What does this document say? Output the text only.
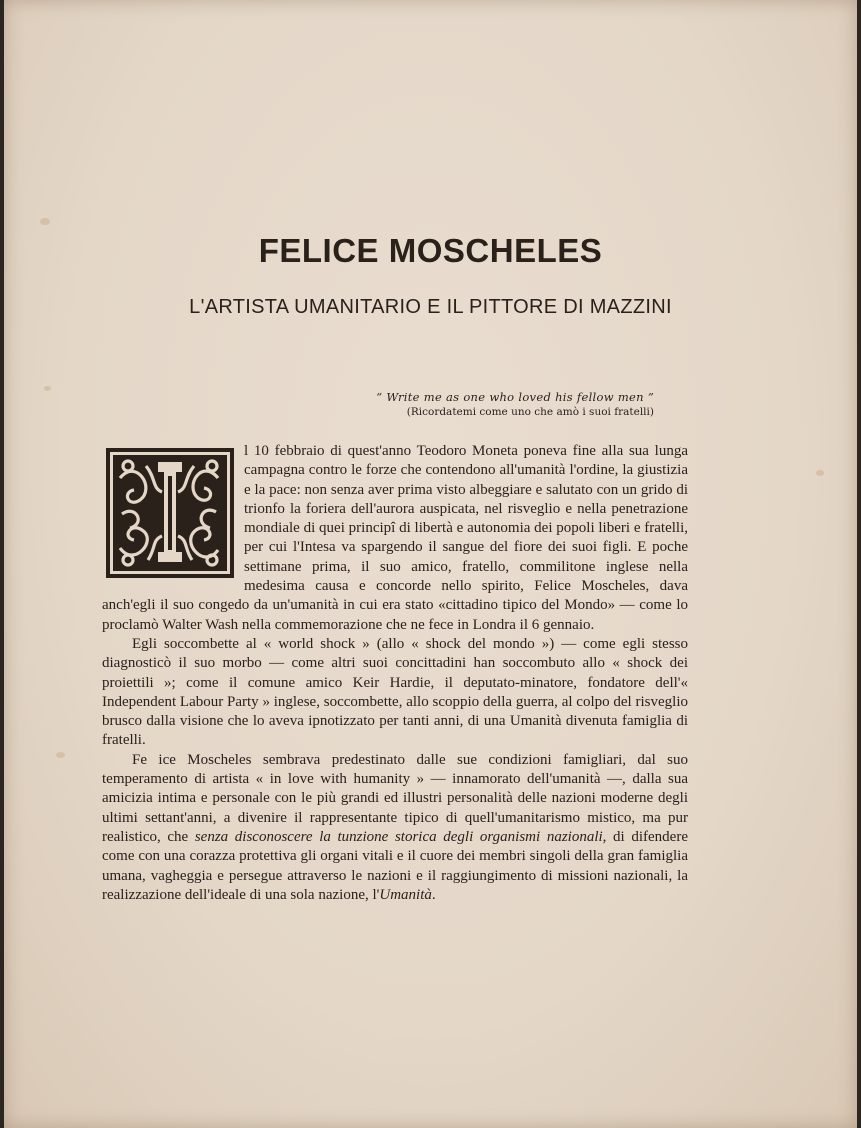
FELICE MOSCHELES
L'ARTISTA UMANITARIO E IL PITTORE DI MAZZINI
“ Write me as one who loved his fellow men ”
(Ricordatemi come uno che amò i suoi fratelli)

l 10 febbraio di quest'anno Teodoro Moneta poneva fine alla sua lunga campagna contro le forze che contendono all'umanità l'ordine, la giustizia e la pace: non senza aver prima visto albeggiare e salutato con un grido di trionfo la foriera dell'aurora auspicata, nel risveglio e nella penetrazione mondiale di quei principî di libertà e autonomia dei popoli liberi e fratelli, per cui l'Intesa va spargendo il sangue del fiore dei suoi figli. E poche settimane prima, il suo amico, fratello, commilitone inglese nella medesima causa e concorde nello spirito, Felice Moscheles, dava anch'egli il suo congedo da un'umanità in cui era stato «cittadino tipico del Mondo» — come lo proclamò Walter Wash nella commemorazione che ne fece in Londra il 6 gennaio.

Egli soccombette al « world shock » (allo « shock del mondo ») — come egli stesso diagnosticò il suo morbo — come altri suoi concittadini han soccombuto allo « shock dei proiettili »; come il comune amico Keir Hardie, il deputato-minatore, fondatore dell'« Independent Labour Party » inglese, soccombette, allo scoppio della guerra, al colpo del risveglio brusco dalla visione che lo aveva ipnotizzato per tanti anni, di una Umanità divenuta famiglia di fratelli.

Fe ice Moscheles sembrava predestinato dalle sue condizioni famigliari, dal suo temperamento di artista « in love with humanity » — innamorato dell'umanità —, dalla sua amicizia intima e personale con le più grandi ed illustri personalità delle nazioni moderne degli ultimi settant'anni, a divenire il rappresentante tipico di quell'umanitarismo mistico, ma pur realistico, che senza disconoscere la tunzione storica degli organismi nazionali, di difendere come con una corazza protettiva gli organi vitali e il cuore dei membri singoli della gran famiglia umana, vagheggia e persegue attraverso le nazioni e il raggiungimento di missioni nazionali, la realizzazione dell'ideale di una sola nazione, l'Umanità.
